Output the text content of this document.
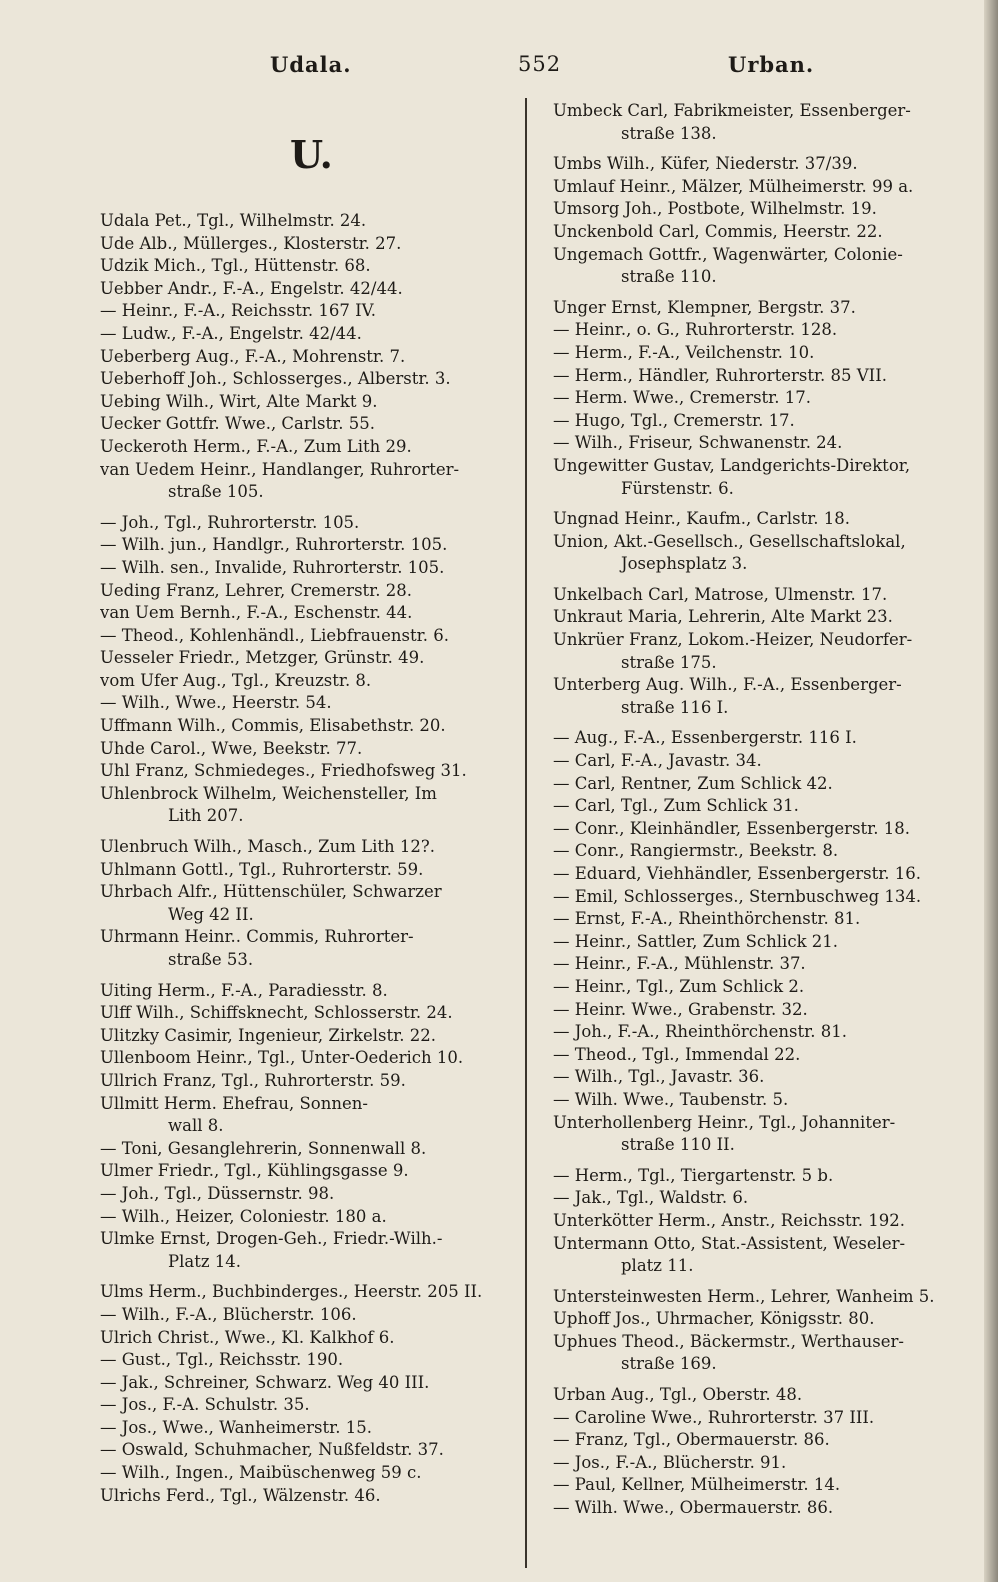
Udala.	552	Urban.
U.
Udala Pet., Tgl., Wilhelmstr. 24.
Ude Alb., Müllerges., Klosterstr. 27.
Udzik Mich., Tgl., Hüttenstr. 68.
Uebber Andr., F.-A., Engelstr. 42/44.
— Heinr., F.-A., Reichsstr. 167 IV.
— Ludw., F.-A., Engelstr. 42/44.
Ueberberg Aug., F.-A., Mohrenstr. 7.
Ueberhoff Joh., Schlosserges., Alberstr. 3.
Uebing Wilh., Wirt, Alte Markt 9.
Uecker Gottfr. Wwe., Carlstr. 55.
Ueckeroth Herm., F.-A., Zum Lith 29.
van Uedem Heinr., Handlanger, Ruhrorter-
straße 105.
— Joh., Tgl., Ruhrorterstr. 105.
— Wilh. jun., Handlgr., Ruhrorterstr. 105.
— Wilh. sen., Invalide, Ruhrorterstr. 105.
Ueding Franz, Lehrer, Cremerstr. 28.
van Uem Bernh., F.-A., Eschenstr. 44.
— Theod., Kohlenhändl., Liebfrauenstr. 6.
Uesseler Friedr., Metzger, Grünstr. 49.
vom Ufer Aug., Tgl., Kreuzstr. 8.
— Wilh., Wwe., Heerstr. 54.
Uffmann Wilh., Commis, Elisabethstr. 20.
Uhde Carol., Wwe, Beekstr. 77.
Uhl Franz, Schmiedeges., Friedhofsweg 31.
Uhlenbrock Wilhelm, Weichensteller, Im
Lith 207.
Ulenbruch Wilh., Masch., Zum Lith 12?.
Uhlmann Gottl., Tgl., Ruhrorterstr. 59.
Uhrbach Alfr., Hüttenschüler, Schwarzer
Weg 42 II.
Uhrmann Heinr.. Commis, Ruhrorter-
straße 53.
Uiting Herm., F.-A., Paradiesstr. 8.
Ulff Wilh., Schiffsknecht, Schlosserstr. 24.
Ulitzky Casimir, Ingenieur, Zirkelstr. 22.
Ullenboom Heinr., Tgl., Unter-Oederich 10.
Ullrich Franz, Tgl., Ruhrorterstr. 59.
Ullmitt Herm. Ehefrau, Sonnen-
wall 8.
— Toni, Gesanglehrerin, Sonnenwall 8.
Ulmer Friedr., Tgl., Kühlingsgasse 9.
— Joh., Tgl., Düssernstr. 98.
— Wilh., Heizer, Coloniestr. 180 a.
Ulmke Ernst, Drogen-Geh., Friedr.-Wilh.-
Platz 14.
Ulms Herm., Buchbinderges., Heerstr. 205 II.
— Wilh., F.-A., Blücherstr. 106.
Ulrich Christ., Wwe., Kl. Kalkhof 6.
— Gust., Tgl., Reichsstr. 190.
— Jak., Schreiner, Schwarz. Weg 40 III.
— Jos., F.-A. Schulstr. 35.
— Jos., Wwe., Wanheimerstr. 15.
— Oswald, Schuhmacher, Nußfeldstr. 37.
— Wilh., Ingen., Maibüschenweg 59 c.
Ulrichs Ferd., Tgl., Wälzenstr. 46.
Umbeck Carl, Fabrikmeister, Essenberger-
straße 138.
Umbs Wilh., Küfer, Niederstr. 37/39.
Umlauf Heinr., Mälzer, Mülheimerstr. 99 a.
Umsorg Joh., Postbote, Wilhelmstr. 19.
Unckenbold Carl, Commis, Heerstr. 22.
Ungemach Gottfr., Wagenwärter, Colonie-
straße 110.
Unger Ernst, Klempner, Bergstr. 37.
— Heinr., o. G., Ruhrorterstr. 128.
— Herm., F.-A., Veilchenstr. 10.
— Herm., Händler, Ruhrorterstr. 85 VII.
— Herm. Wwe., Cremerstr. 17.
— Hugo, Tgl., Cremerstr. 17.
— Wilh., Friseur, Schwanenstr. 24.
Ungewitter Gustav, Landgerichts-Direktor,
Fürstenstr. 6.
Ungnad Heinr., Kaufm., Carlstr. 18.
Union, Akt.-Gesellsch., Gesellschaftslokal,
Josephsplatz 3.
Unkelbach Carl, Matrose, Ulmenstr. 17.
Unkraut Maria, Lehrerin, Alte Markt 23.
Unkrüer Franz, Lokom.-Heizer, Neudorfer-
straße 175.
Unterberg Aug. Wilh., F.-A., Essenberger-
straße 116 I.
— Aug., F.-A., Essenbergerstr. 116 I.
— Carl, F.-A., Javastr. 34.
— Carl, Rentner, Zum Schlick 42.
— Carl, Tgl., Zum Schlick 31.
— Conr., Kleinhändler, Essenbergerstr. 18.
— Conr., Rangiermstr., Beekstr. 8.
— Eduard, Viehhändler, Essenbergerstr. 16.
— Emil, Schlosserges., Sternbuschweg 134.
— Ernst, F.-A., Rheinthörchenstr. 81.
— Heinr., Sattler, Zum Schlick 21.
— Heinr., F.-A., Mühlenstr. 37.
— Heinr., Tgl., Zum Schlick 2.
— Heinr. Wwe., Grabenstr. 32.
— Joh., F.-A., Rheinthörchenstr. 81.
— Theod., Tgl., Immendal 22.
— Wilh., Tgl., Javastr. 36.
— Wilh. Wwe., Taubenstr. 5.
Unterhollenberg Heinr., Tgl., Johanniter-
straße 110 II.
— Herm., Tgl., Tiergartenstr. 5 b.
— Jak., Tgl., Waldstr. 6.
Unterkötter Herm., Anstr., Reichsstr. 192.
Untermann Otto, Stat.-Assistent, Weseler-
platz 11.
Untersteinwesten Herm., Lehrer, Wanheim 5.
Uphoff Jos., Uhrmacher, Königsstr. 80.
Uphues Theod., Bäckermstr., Werthauser-
straße 169.
Urban Aug., Tgl., Oberstr. 48.
— Caroline Wwe., Ruhrorterstr. 37 III.
— Franz, Tgl., Obermauerstr. 86.
— Jos., F.-A., Blücherstr. 91.
— Paul, Kellner, Mülheimerstr. 14.
— Wilh. Wwe., Obermauerstr. 86.
